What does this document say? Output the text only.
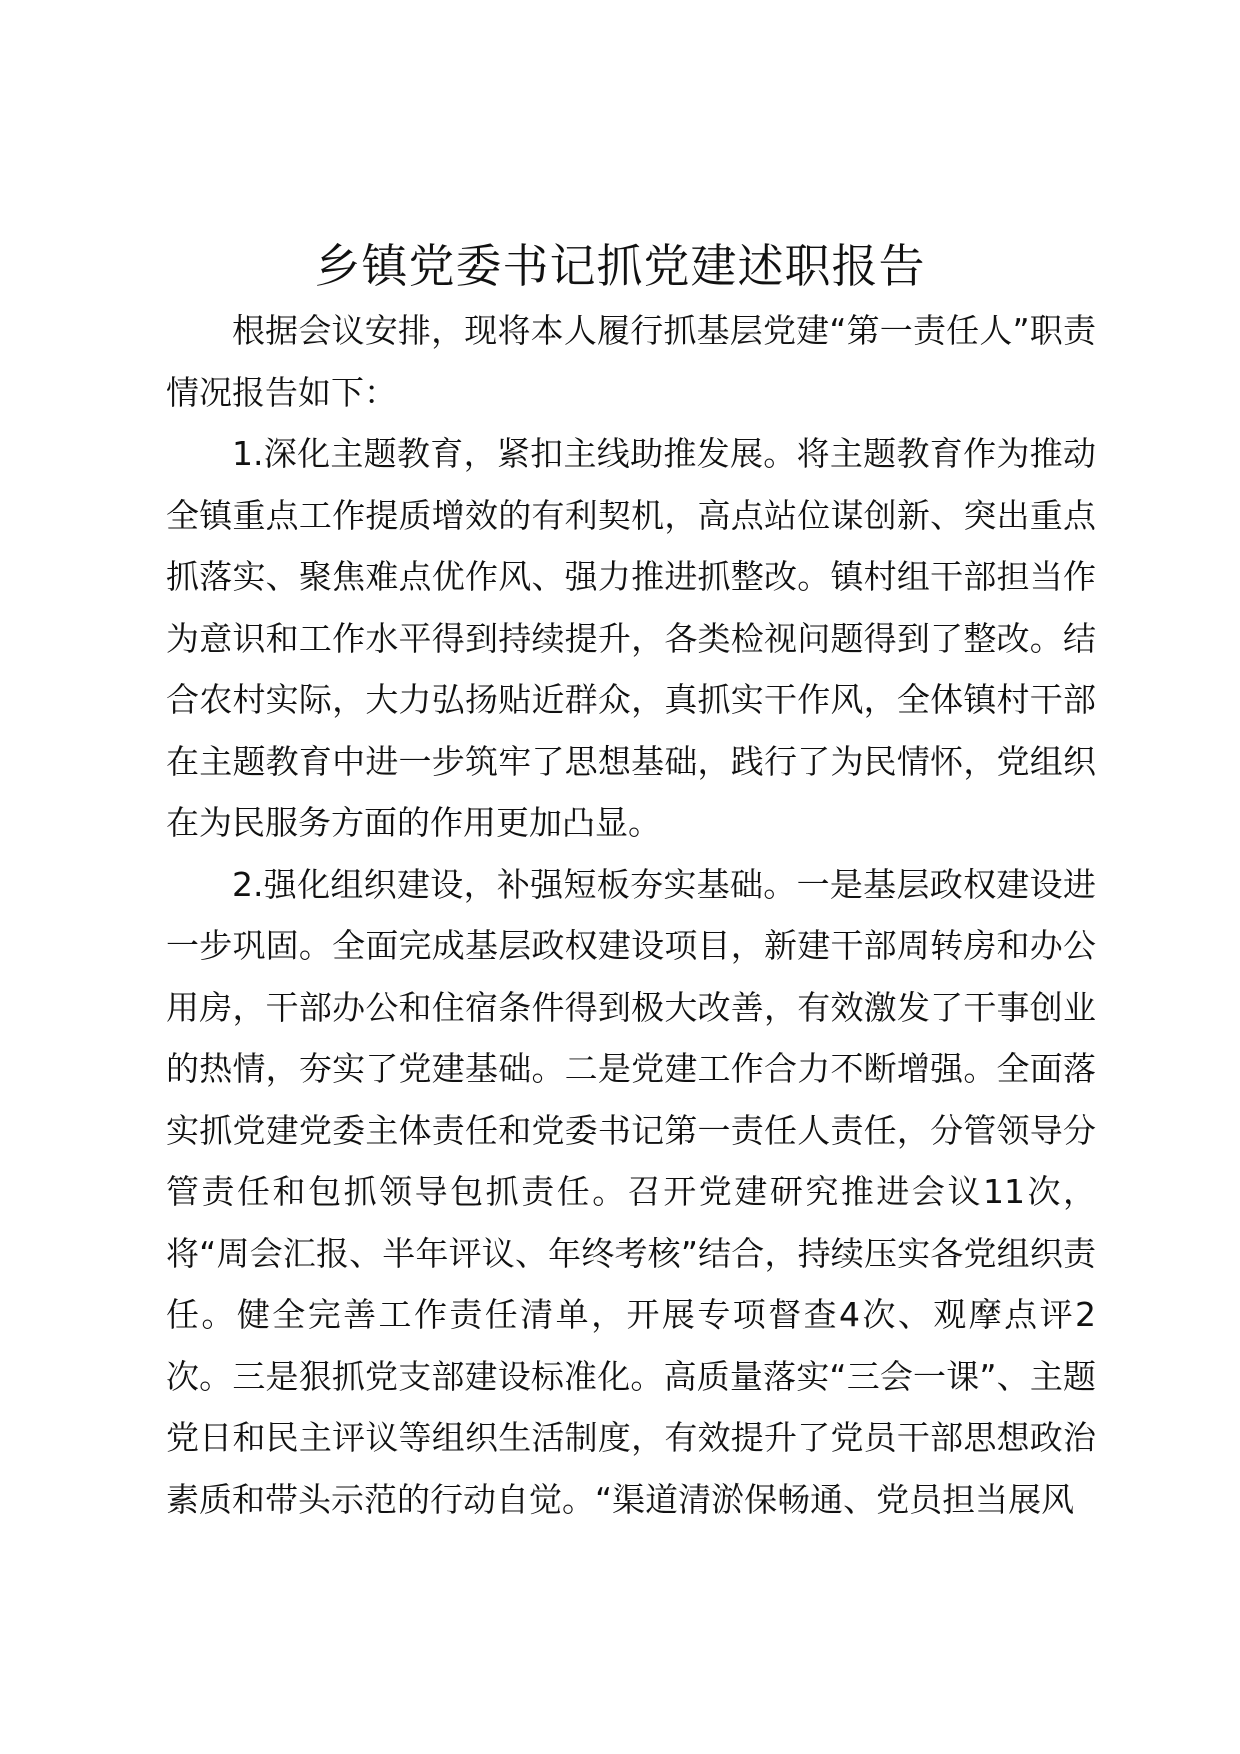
乡镇党委书记抓党建述职报告

根据会议安排，现将本人履行抓基层党建“第一责任人”职责情况报告如下：

1.深化主题教育，紧扣主线助推发展。将主题教育作为推动全镇重点工作提质增效的有利契机，高点站位谋创新、突出重点抓落实、聚焦难点优作风、强力推进抓整改。镇村组干部担当作为意识和工作水平得到持续提升，各类检视问题得到了整改。结合农村实际，大力弘扬贴近群众，真抓实干作风，全体镇村干部在主题教育中进一步筑牢了思想基础，践行了为民情怀，党组织在为民服务方面的作用更加凸显。

2.强化组织建设，补强短板夯实基础。一是基层政权建设进一步巩固。全面完成基层政权建设项目，新建干部周转房和办公用房，干部办公和住宿条件得到极大改善，有效激发了干事创业的热情，夯实了党建基础。二是党建工作合力不断增强。全面落实抓党建党委主体责任和党委书记第一责任人责任，分管领导分管责任和包抓领导包抓责任。召开党建研究推进会议11次，将“周会汇报、半年评议、年终考核”结合，持续压实各党组织责任。健全完善工作责任清单，开展专项督查4次、观摩点评2次。三是狠抓党支部建设标准化。高质量落实“三会一课”、主题党日和民主评议等组织生活制度，有效提升了党员干部思想政治素质和带头示范的行动自觉。“渠道清淤保畅通、党员担当展风
